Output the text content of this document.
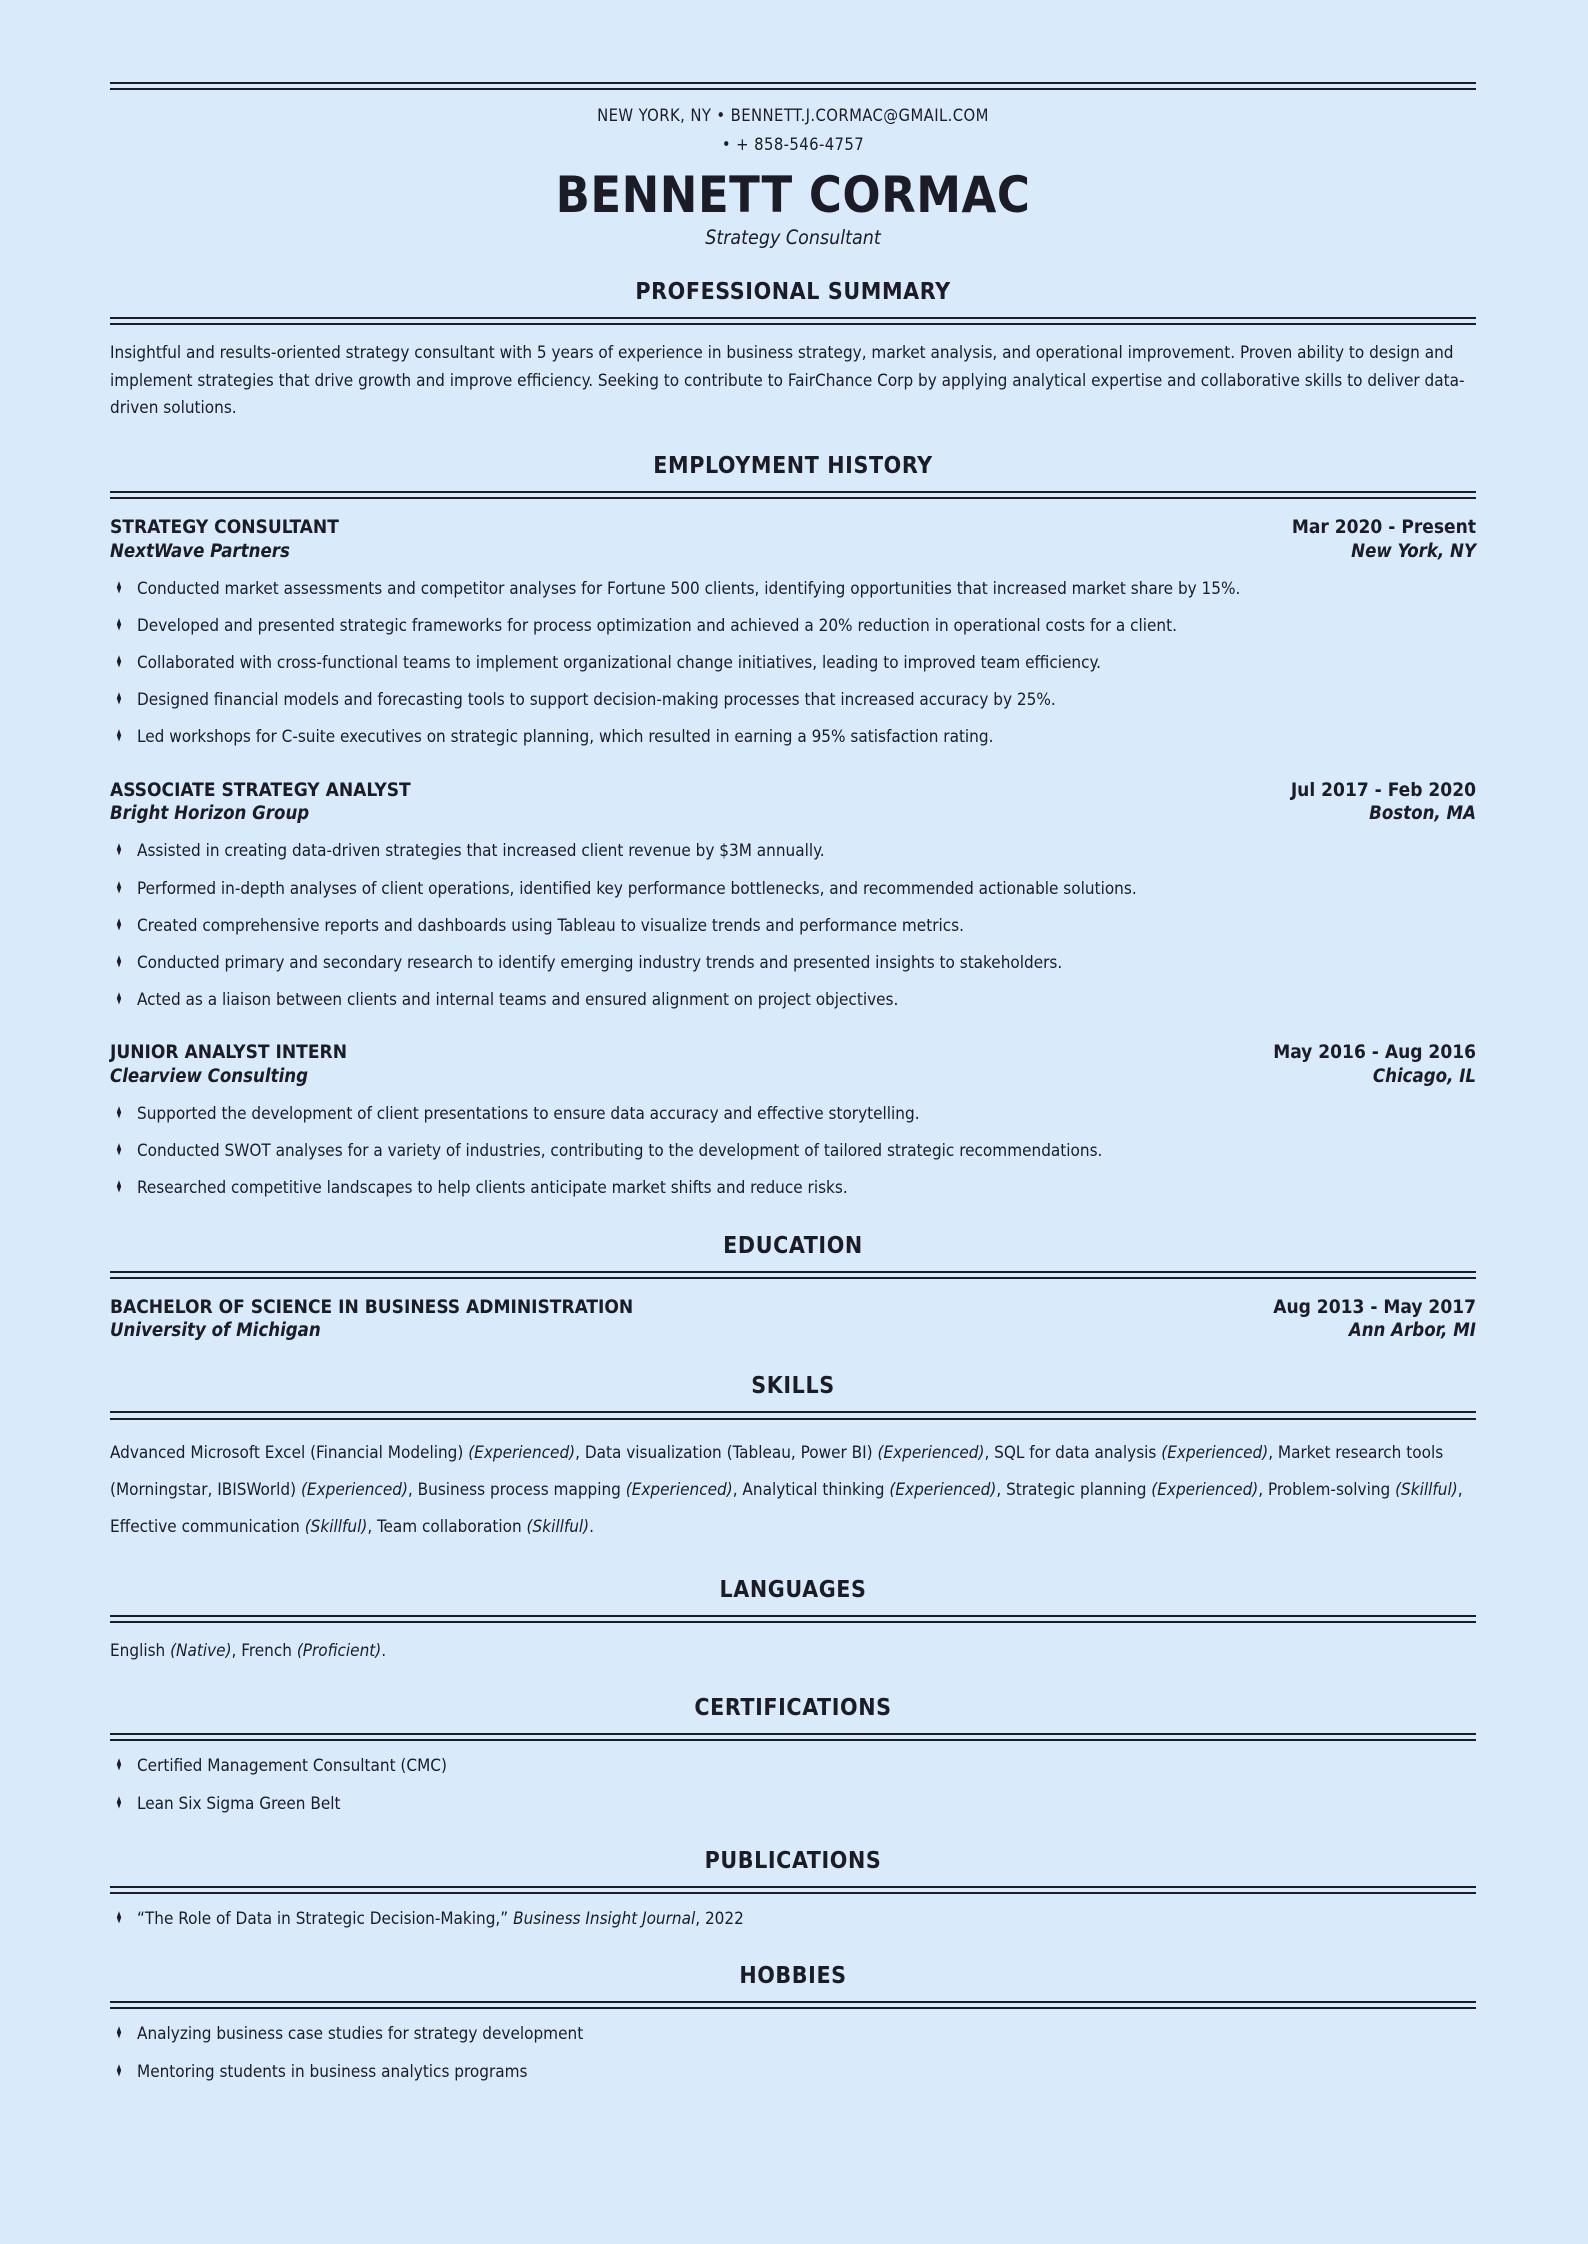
NEW YORK, NY • BENNETT.J.CORMAC@GMAIL.COM
• + 858-546-4757
BENNETT CORMAC
Strategy Consultant
PROFESSIONAL SUMMARY

Insightful and results-oriented strategy consultant with 5 years of experience in business strategy, market analysis, and operational improvement. Proven ability to design and implement strategies that drive growth and improve efficiency. Seeking to contribute to FairChance Corp by applying analytical expertise and collaborative skills to deliver data-driven solutions.

EMPLOYMENT HISTORY
STRATEGY CONSULTANT	Mar 2020 - Present
NextWave Partners	New York, NY
♦ Conducted market assessments and competitor analyses for Fortune 500 clients, identifying opportunities that increased market share by 15%.
♦ Developed and presented strategic frameworks for process optimization and achieved a 20% reduction in operational costs for a client.
♦ Collaborated with cross-functional teams to implement organizational change initiatives, leading to improved team efficiency.
♦ Designed financial models and forecasting tools to support decision-making processes that increased accuracy by 25%.
♦ Led workshops for C-suite executives on strategic planning, which resulted in earning a 95% satisfaction rating.
ASSOCIATE STRATEGY ANALYST	Jul 2017 - Feb 2020
Bright Horizon Group	Boston, MA
♦ Assisted in creating data-driven strategies that increased client revenue by $3M annually.
♦ Performed in-depth analyses of client operations, identified key performance bottlenecks, and recommended actionable solutions.
♦ Created comprehensive reports and dashboards using Tableau to visualize trends and performance metrics.
♦ Conducted primary and secondary research to identify emerging industry trends and presented insights to stakeholders.
♦ Acted as a liaison between clients and internal teams and ensured alignment on project objectives.
JUNIOR ANALYST INTERN	May 2016 - Aug 2016
Clearview Consulting	Chicago, IL
♦ Supported the development of client presentations to ensure data accuracy and effective storytelling.
♦ Conducted SWOT analyses for a variety of industries, contributing to the development of tailored strategic recommendations.
♦ Researched competitive landscapes to help clients anticipate market shifts and reduce risks.
EDUCATION
BACHELOR OF SCIENCE IN BUSINESS ADMINISTRATION	Aug 2013 - May 2017
University of Michigan	Ann Arbor, MI
SKILLS

Advanced Microsoft Excel (Financial Modeling) (Experienced), Data visualization (Tableau, Power BI) (Experienced), SQL for data analysis (Experienced), Market research tools (Morningstar, IBISWorld) (Experienced), Business process mapping (Experienced), Analytical thinking (Experienced), Strategic planning (Experienced), Problem-solving (Skillful), Effective communication (Skillful), Team collaboration (Skillful).

LANGUAGES

English (Native), French (Proficient).

CERTIFICATIONS
♦ Certified Management Consultant (CMC)
♦ Lean Six Sigma Green Belt
PUBLICATIONS
♦ “The Role of Data in Strategic Decision-Making,” Business Insight Journal, 2022
HOBBIES
♦ Analyzing business case studies for strategy development
♦ Mentoring students in business analytics programs
